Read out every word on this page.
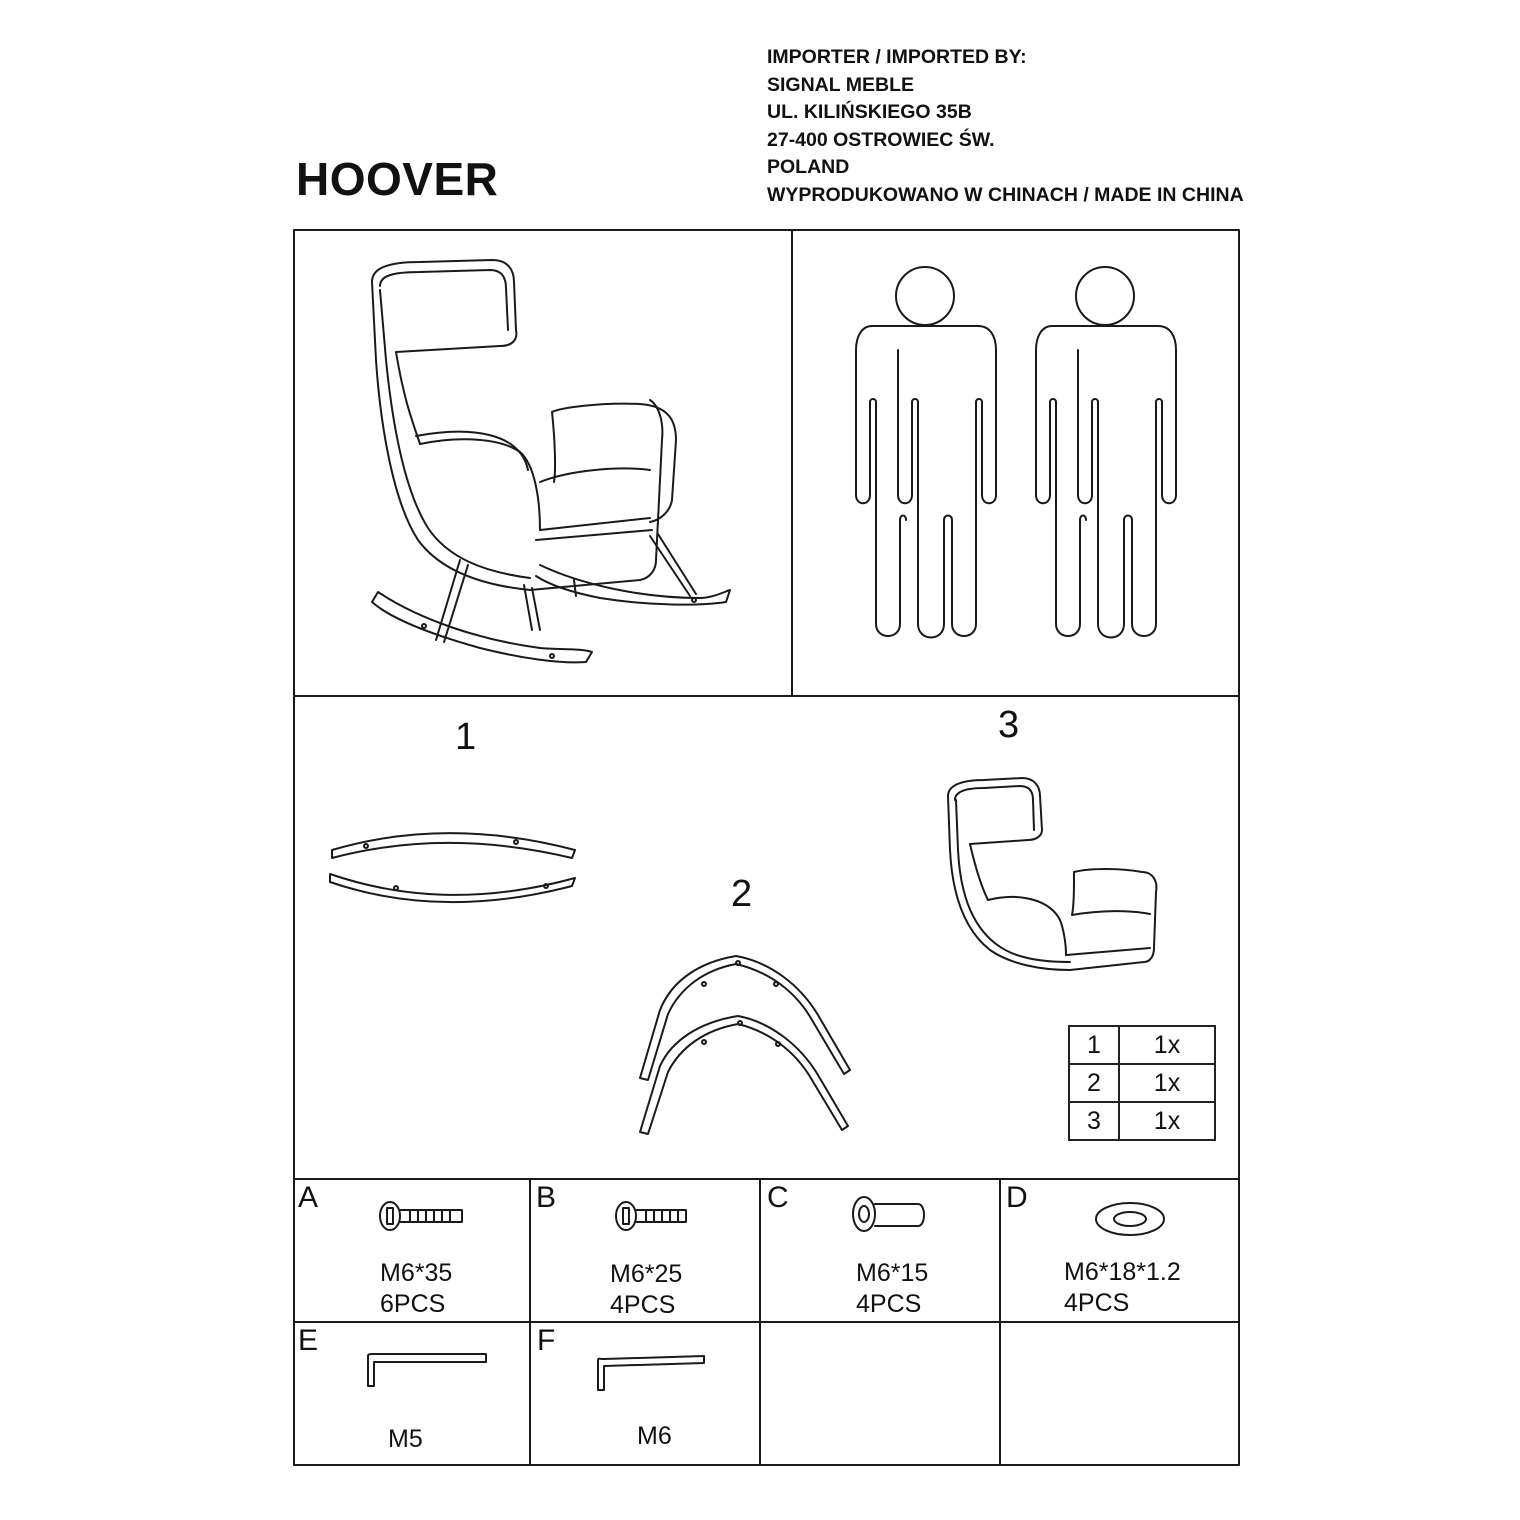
HOOVER
IMPORTER / IMPORTED BY:
SIGNAL MEBLE
UL. KILIŃSKIEGO 35B
27-400 OSTROWIEC ŚW.
POLAND
WYPRODUKOWANO W CHINACH / MADE IN CHINA
1
2
3
1	1x
2	1x
3	1x
A
M6*35
6PCS
B
M6*25
4PCS
C
M6*15
4PCS
D
M6*18*1.2
4PCS
E
M5
F
M6
